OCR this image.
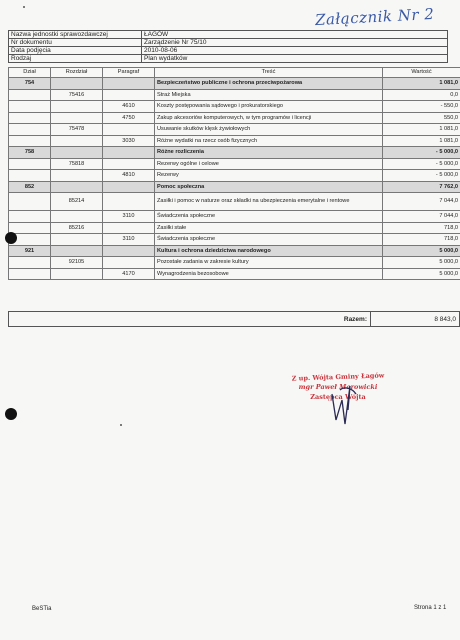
Załącznik Nr 2
Nazwa jednostki sprawozdawczej	ŁAGÓW
Nr dokumentu	Zarządzenie Nr 75/10
Data podjęcia	2010-08-06
Rodzaj	Plan wydatków
Dział	Rozdział	Paragraf	Treść	Wartość
754			Bezpieczeństwo publiczne i ochrona przeciwpożarowa	1 081,0
	75416		Straż Miejska	0,0
		4610	Koszty postępowania sądowego i prokuratorskiego	- 550,0
		4750	Zakup akcesoriów komputerowych, w tym programów i licencji	550,0
	75478		Usuwanie skutków klęsk żywiołowych	1 081,0
		3030	Różne wydatki na rzecz osób fizycznych	1 081,0
758			Różne rozliczenia	- 5 000,0
	75818		Rezerwy ogólne i celowe	- 5 000,0
		4810	Rezerwy	- 5 000,0
852			Pomoc społeczna	7 762,0
	85214		Zasiłki i pomoc w naturze oraz składki na ubezpieczenia emerytalne i rentowe	7 044,0
		3110	Świadczenia społeczne	7 044,0
	85216		Zasiłki stałe	718,0
		3110	Świadczenia społeczne	718,0
921			Kultura i ochrona dziedzictwa narodowego	5 000,0
	92105		Pozostałe zadania w zakresie kultury	5 000,0
		4170	Wynagrodzenia bezosobowe	5 000,0
Razem:	8 843,0
Z up. Wójta Gminy Łagów
mgr Paweł Marowicki
Zastępca Wójta
BeSTia	Strona 1 z 1
